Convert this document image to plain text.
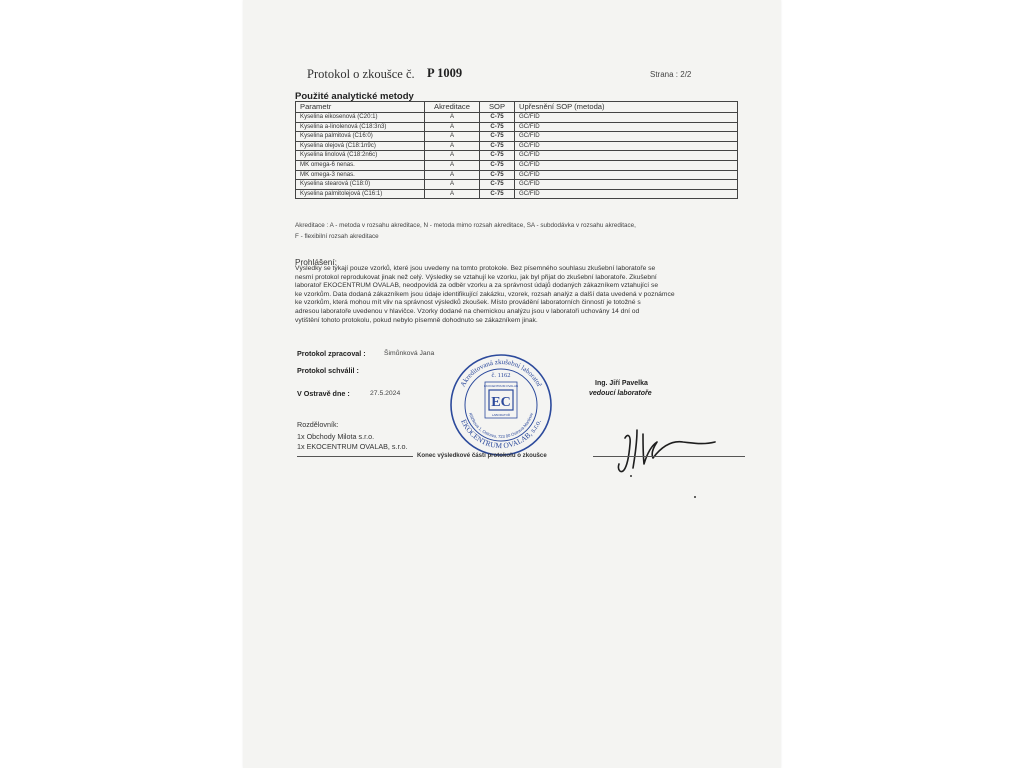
Protokol o zkoušce č. P 1009	Strana : 2/2
Použité analytické metody
Parametr	Akreditace	SOP	Upřesnění SOP (metoda)
Kyselina eikosenová (C20:1)	A	C-75	GC/FID
Kyselina a-linolenová (C18:3n3)	A	C-75	GC/FID
Kyselina palmitová (C16:0)	A	C-75	GC/FID
Kyselina olejová (C18:1n9c)	A	C-75	GC/FID
Kyselina linolová (C18:2n6c)	A	C-75	GC/FID
MK omega-6 nenas.	A	C-75	GC/FID
MK omega-3 nenas.	A	C-75	GC/FID
Kyselina stearová (C18:0)	A	C-75	GC/FID
Kyselina palmitolejová (C16:1)	A	C-75	GC/FID
Akreditace : A - metoda v rozsahu akreditace, N - metoda mimo rozsah akreditace, SA - subdodávka v rozsahu akreditace,
F - flexibilní rozsah akreditace
Prohlášení:
Výsledky se týkají pouze vzorků, které jsou uvedeny na tomto protokole. Bez písemného souhlasu zkušební laboratoře se
nesmí protokol reprodukovat jinak než celý. Výsledky se vztahují ke vzorku, jak byl přijat do zkušební laboratoře. Zkušební
laboratoř EKOCENTRUM OVALAB, neodpovídá za odběr vzorku a za správnost údajů dodaných zákazníkem vztahující se
ke vzorkům. Data dodaná zákazníkem jsou údaje identifikující zakázku, vzorek, rozsah analýz a další data uvedená v poznámce
ke vzorkům, která mohou mít vliv na správnost výsledků zkoušek. Místo provádění laboratorních činností je totožné s
adresou laboratoře uvedenou v hlavičce. Vzorky dodané na chemickou analýzu jsou v laboratoři uchovány 14 dní od
vytištění tohoto protokolu, pokud nebylo písemně dohodnuto se zákazníkem jinak.
Protokol zpracoval :	Šimůnková Jana
Protokol schválil :
V Ostravě dne :	27.5.2024
Akreditovaná zkušební laboratoř
EKOCENTRUM OVALAB, s.r.o.
Křižíkova 1, Ostrava, 723 00 Ostrava-Martinov
č. 1162
EKOCENTRUM OVALAB
EC
LABORATOŘ
Ing. Jiří Pavelka
vedoucí laboratoře
Rozdělovník:
1x Obchody Milota s.r.o.
1x EKOCENTRUM OVALAB, s.r.o.
Konec výsledkové části protokolu o zkoušce
